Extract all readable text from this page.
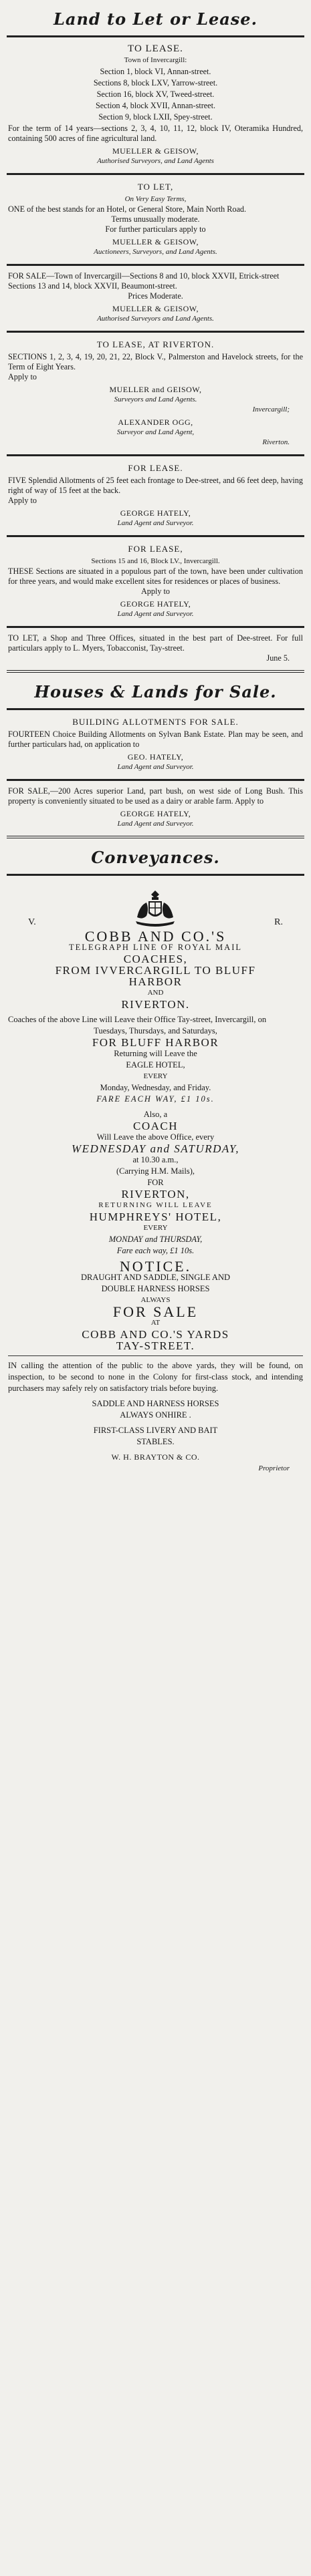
Land to Let or Lease.
TO LEASE.
Town of Invercargill:
Section 1, block VI, Annan-street.
Sections 8, block LXV, Yarrow-street.
Section 16, block XV, Tweed-street.
Section 4, block XVII, Annan-street.
Section 9, block LXII, Spey-street.
For the term of 14 years—sections 2, 3, 4, 10, 11, 12, block IV, Oteramika Hundred, containing 500 acres of fine agricultural land.
MUELLER & GEISOW,
Authorised Surveyors, and Land Agents
TO LET,
On Very Easy Terms,
ONE of the best stands for an Hotel, or General Store, Main North Road.
Terms unusually moderate.
For further particulars apply to
MUELLER & GEISOW,
Auctioneers, Surveyors, and Land Agents.
FOR SALE—Town of Invercargill—Sections 8 and 10, block XXVII, Etrick-street
Sections 13 and 14, block XXVII, Beaumont-street.
Prices Moderate.
MUELLER & GEISOW,
Authorised Surveyors and Land Agents.
TO LEASE, AT RIVERTON.
SECTIONS 1, 2, 3, 4, 19, 20, 21, 22, Block V., Palmerston and Havelock streets, for the Term of Eight Years.
Apply to
MUELLER and GEISOW,
Surveyors and Land Agents.
Invercargill;
ALEXANDER OGG,
Surveyor and Land Agent,
Riverton.
FOR LEASE.
FIVE Splendid Allotments of 25 feet each frontage to Dee-street, and 66 feet deep, having right of way of 15 feet at the back.
Apply to
GEORGE HATELY,
Land Agent and Surveyor.
FOR LEASE,
Sections 15 and 16, Block LV., Invercargill.
THESE Sections are situated in a populous part of the town, have been under cultivation for three years, and would make excellent sites for residences or places of business.
Apply to
GEORGE HATELY,
Land Agent and Surveyor.
TO LET, a Shop and Three Offices, situated in the best part of Dee-street. For full particulars apply to L. Myers, Tobacconist, Tay-street.
June 5.
Houses & Lands for Sale.
BUILDING ALLOTMENTS FOR SALE.
FOURTEEN Choice Building Allotments on Sylvan Bank Estate. Plan may be seen, and further particulars had, on application to
GEO. HATELY,
Land Agent and Surveyor.
FOR SALE,—200 Acres superior Land, part bush, on west side of Long Bush. This property is conveniently situated to be used as a dairy or arable farm. Apply to
GEORGE HATELY,
Land Agent and Surveyor.
Conveyances.
V.	R.
COBB AND CO.'S
TELEGRAPH LINE OF ROYAL MAIL
COACHES,
FROM IVVERCARGILL TO BLUFF
HARBOR
AND
RIVERTON.
Coaches of the above Line will Leave their Office Tay-street, Invercargill, on
Tuesdays, Thursdays, and Saturdays,
FOR BLUFF HARBOR
Returning will Leave the
EAGLE HOTEL,
EVERY
Monday, Wednesday, and Friday.
FARE EACH WAY, £1 10s.
Also, a
COACH
Will Leave the above Office, every
WEDNESDAY and SATURDAY,
at 10.30 a.m.,
(Carrying H.M. Mails),
FOR
RIVERTON,
RETURNING WILL LEAVE
HUMPHREYS' HOTEL,
EVERY
MONDAY and THURSDAY,
Fare each way, £1 10s.
NOTICE.
DRAUGHT AND SADDLE, SINGLE AND
DOUBLE HARNESS HORSES
ALWAYS
FOR SALE
AT
COBB AND CO.'S YARDS
TAY-STREET.
IN calling the attention of the public to the above yards, they will be found, on inspection, to be second to none in the Colony for first-class stock, and intending purchasers may safely rely on satisfactory trials before buying.
SADDLE AND HARNESS HORSES
ALWAYS ONHIRE .
FIRST-CLASS LIVERY AND BAIT
STABLES.
W. H. BRAYTON & CO.
Proprietor
